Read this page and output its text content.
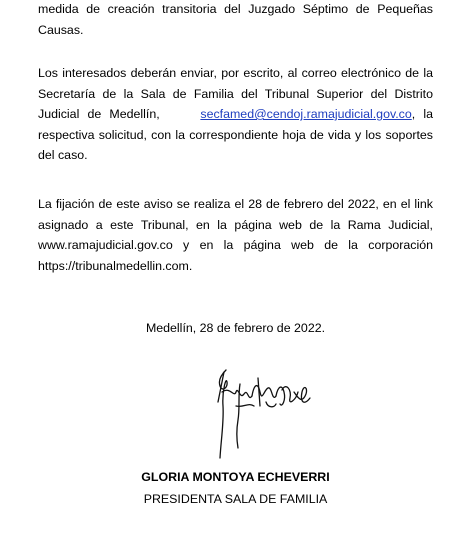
medida de creación transitoria del Juzgado Séptimo de Pequeñas
Causas.
Los interesados deberán enviar, por escrito, al correo electrónico de la
Secretaría de la Sala de Familia del Tribunal Superior del Distrito
Judicial de Medellín,	secfamed@cendoj.ramajudicial.gov.co, la
respectiva solicitud, con la correspondiente hoja de vida y los soportes
del caso.
La fijación de este aviso se realiza el 28 de febrero del 2022, en el link
asignado a este Tribunal, en la página web de la Rama Judicial,
www.ramajudicial.gov.co y en la página web de la corporación
https://tribunalmedellin.com.
Medellín, 28 de febrero de 2022.
GLORIA MONTOYA ECHEVERRI
PRESIDENTA SALA DE FAMILIA
